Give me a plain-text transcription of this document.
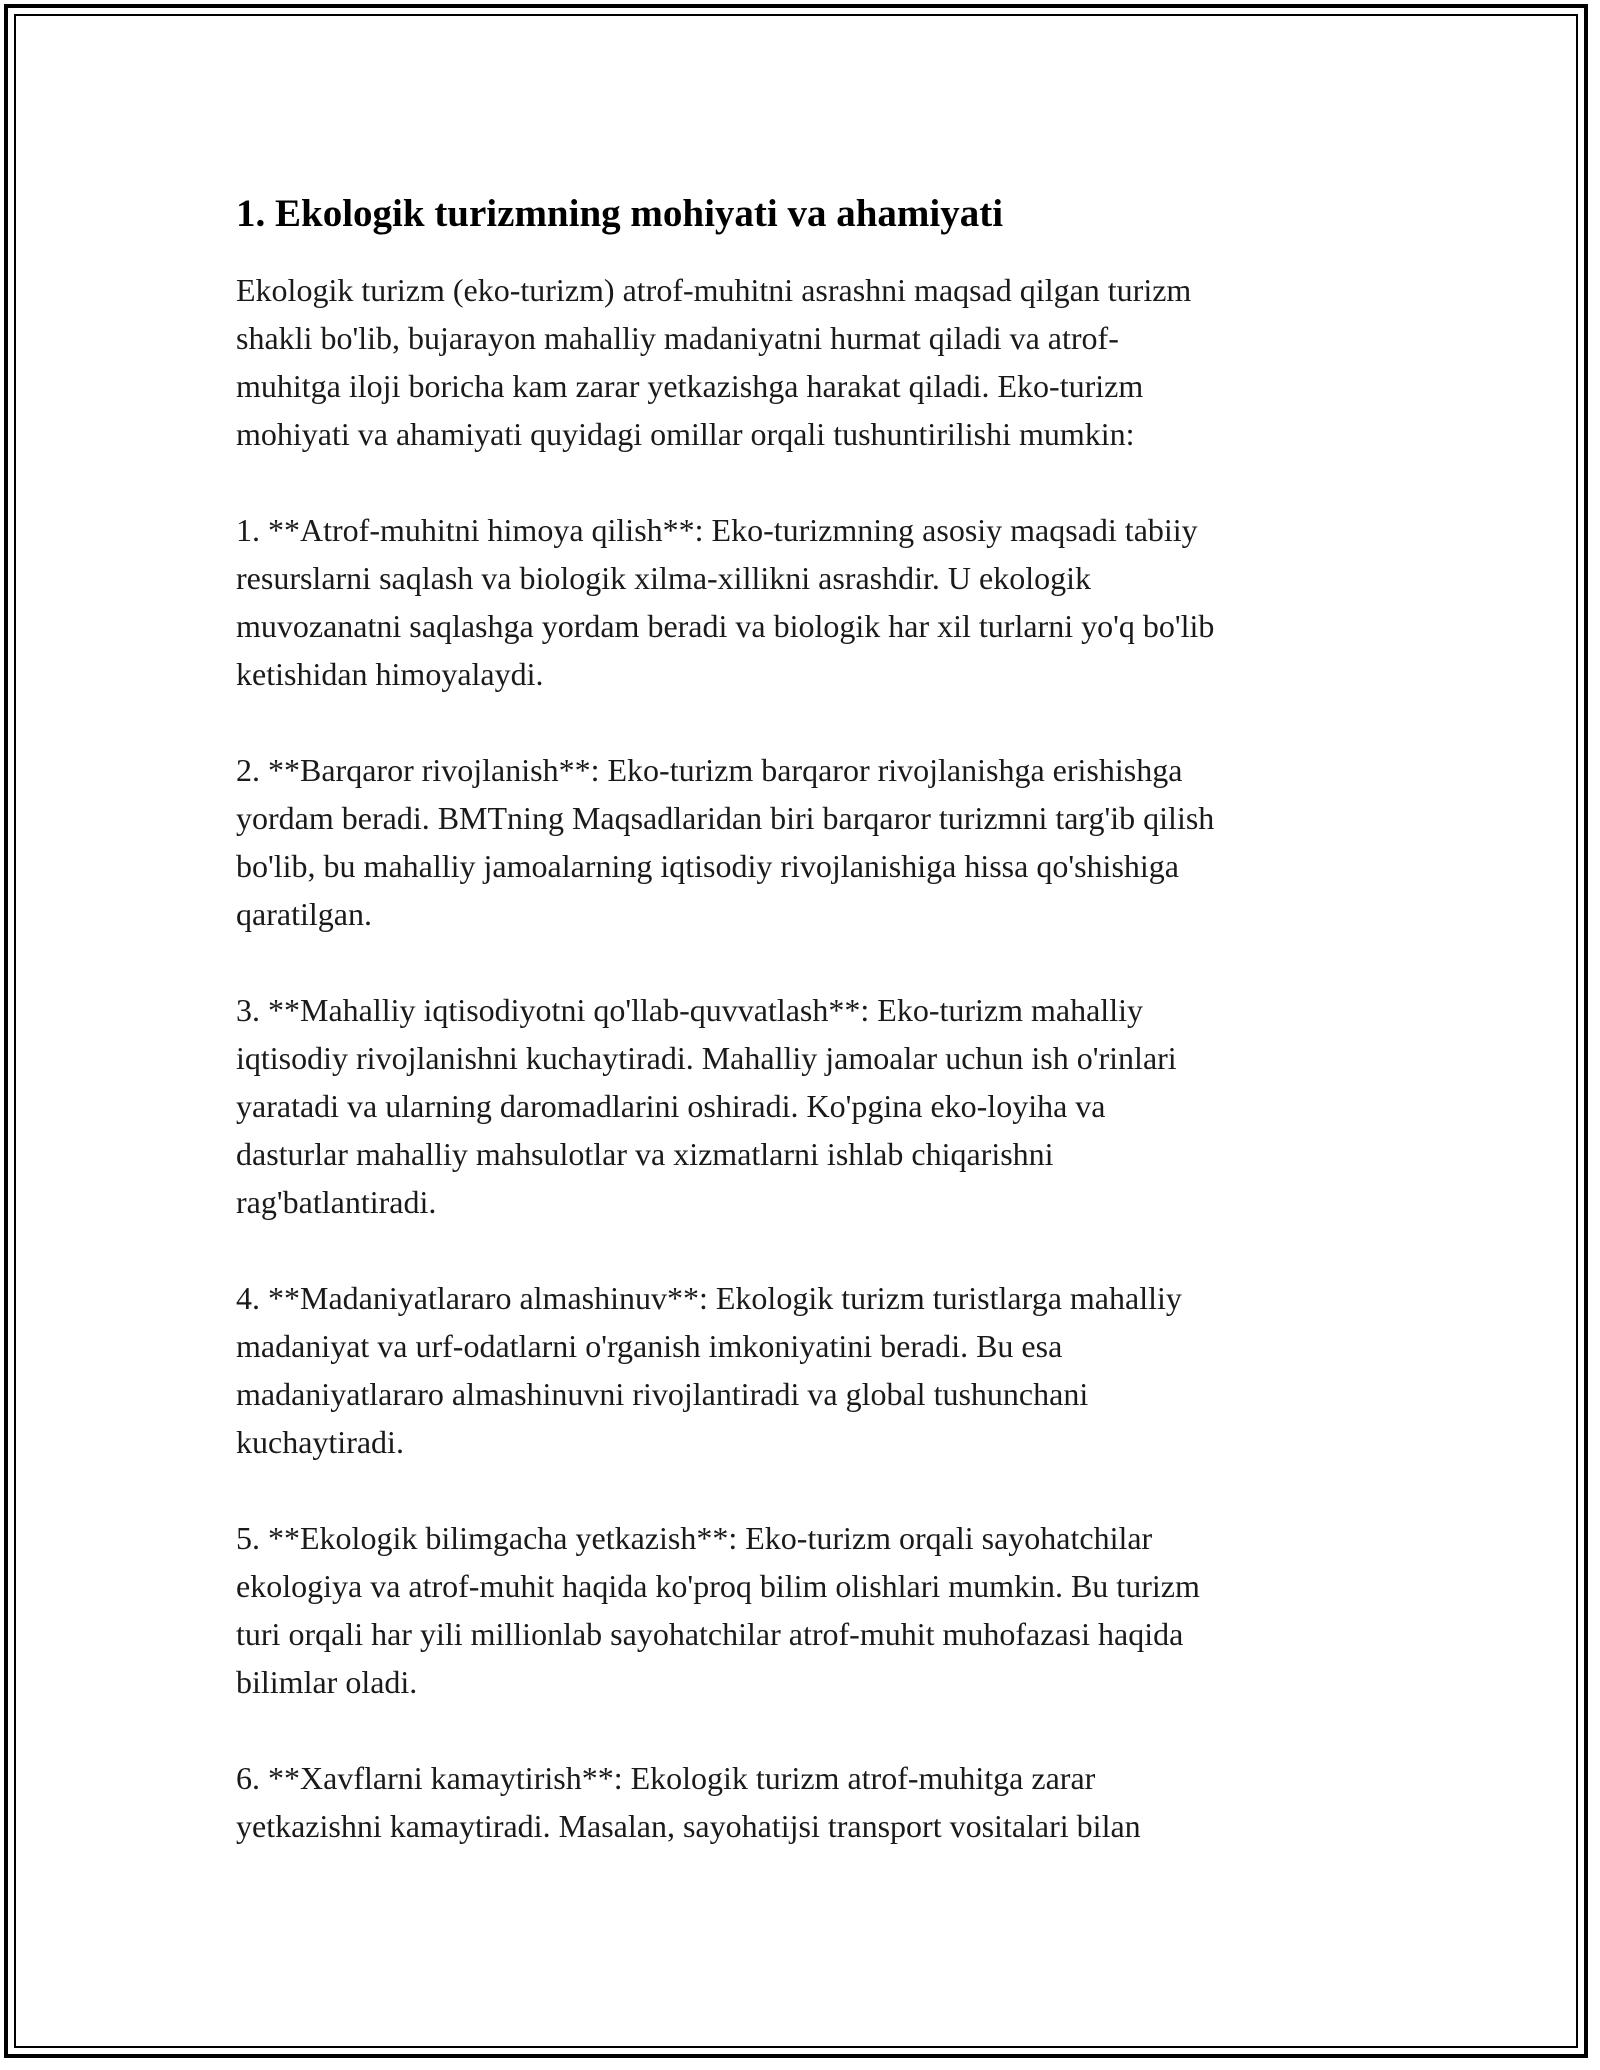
1. Ekologik turizmning mohiyati va ahamiyati

Ekologik turizm (eko-turizm) atrof-muhitni asrashni maqsad qilgan turizm
shakli bo'lib, bujarayon mahalliy madaniyatni hurmat qiladi va atrof-
muhitga iloji boricha kam zarar yetkazishga harakat qiladi. Eko-turizm
mohiyati va ahamiyati quyidagi omillar orqali tushuntirilishi mumkin:

1. **Atrof-muhitni himoya qilish**: Eko-turizmning asosiy maqsadi tabiiy
resurslarni saqlash va biologik xilma-xillikni asrashdir. U ekologik
muvozanatni saqlashga yordam beradi va biologik har xil turlarni yo'q bo'lib
ketishidan himoyalaydi.

2. **Barqaror rivojlanish**: Eko-turizm barqaror rivojlanishga erishishga
yordam beradi. BMTning Maqsadlaridan biri barqaror turizmni targ'ib qilish
bo'lib, bu mahalliy jamoalarning iqtisodiy rivojlanishiga hissa qo'shishiga
qaratilgan.

3. **Mahalliy iqtisodiyotni qo'llab-quvvatlash**: Eko-turizm mahalliy
iqtisodiy rivojlanishni kuchaytiradi. Mahalliy jamoalar uchun ish o'rinlari
yaratadi va ularning daromadlarini oshiradi. Ko'pgina eko-loyiha va
dasturlar mahalliy mahsulotlar va xizmatlarni ishlab chiqarishni
rag'batlantiradi.

4. **Madaniyatlararo almashinuv**: Ekologik turizm turistlarga mahalliy
madaniyat va urf-odatlarni o'rganish imkoniyatini beradi. Bu esa
madaniyatlararo almashinuvni rivojlantiradi va global tushunchani
kuchaytiradi.

5. **Ekologik bilimgacha yetkazish**: Eko-turizm orqali sayohatchilar
ekologiya va atrof-muhit haqida ko'proq bilim olishlari mumkin. Bu turizm
turi orqali har yili millionlab sayohatchilar atrof-muhit muhofazasi haqida
bilimlar oladi.

6. **Xavflarni kamaytirish**: Ekologik turizm atrof-muhitga zarar
yetkazishni kamaytiradi. Masalan, sayohatijsi transport vositalari bilan
